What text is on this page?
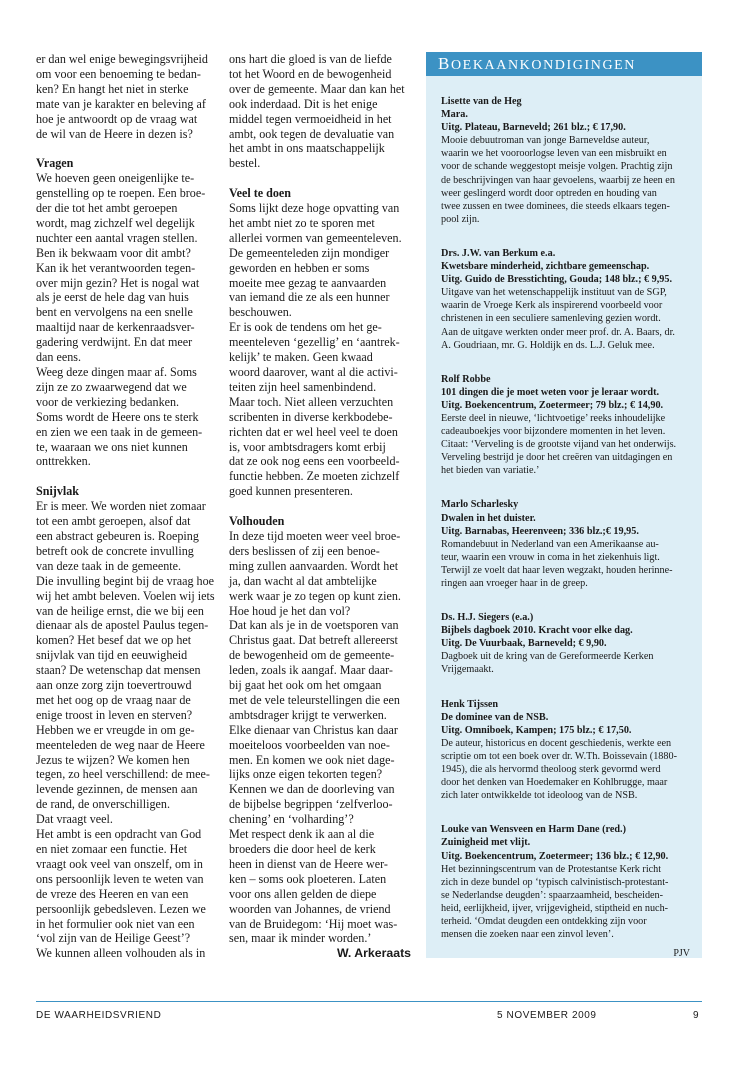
er dan wel enige bewegingsvrijheid
om voor een benoeming te bedan-
ken? En hangt het niet in sterke
mate van je karakter en beleving af
hoe je antwoordt op de vraag wat
de wil van de Heere in dezen is?

Vragen

We hoeven geen oneigenlijke te-
genstelling op te roepen. Een broe-
der die tot het ambt geroepen
wordt, mag zichzelf wel degelijk
nuchter een aantal vragen stellen.
Ben ik bekwaam voor dit ambt?
Kan ik het verantwoorden tegen-
over mijn gezin? Het is nogal wat
als je eerst de hele dag van huis
bent en vervolgens na een snelle
maaltijd naar de kerkenraadsver-
gadering verdwijnt. En dat meer
dan eens.

Weeg deze dingen maar af. Soms
zijn ze zo zwaarwegend dat we
voor de verkiezing bedanken.
Soms wordt de Heere ons te sterk
en zien we een taak in de gemeen-
te, waaraan we ons niet kunnen
onttrekken.

Snijvlak

Er is meer. We worden niet zomaar
tot een ambt geroepen, alsof dat
een abstract gebeuren is. Roeping
betreft ook de concrete invulling
van deze taak in de gemeente.

Die invulling begint bij de vraag hoe
wij het ambt beleven. Voelen wij iets
van de heilige ernst, die we bij een
dienaar als de apostel Paulus tegen-
komen? Het besef dat we op het
snijvlak van tijd en eeuwigheid
staan? De wetenschap dat mensen
aan onze zorg zijn toevertrouwd
met het oog op de vraag naar de
enige troost in leven en sterven?
Hebben we er vreugde in om ge-
meenteleden de weg naar de Heere
Jezus te wijzen? We komen hen
tegen, zo heel verschillend: de mee-
levende gezinnen, de mensen aan
de rand, de onverschilligen.

Dat vraagt veel.

Het ambt is een opdracht van God
en niet zomaar een functie. Het
vraagt ook veel van onszelf, om in
ons persoonlijk leven te weten van
de vreze des Heeren en van een
persoonlijk gebedsleven. Lezen we
in het formulier ook niet van een
‘vol zijn van de Heilige Geest’?
We kunnen alleen volhouden als in

ons hart die gloed is van de liefde
tot het Woord en de bewogenheid
over de gemeente. Maar dan kan het
ook inderdaad. Dit is het enige
middel tegen vermoeidheid in het
ambt, ook tegen de devaluatie van
het ambt in ons maatschappelijk
bestel.

Veel te doen

Soms lijkt deze hoge opvatting van
het ambt niet zo te sporen met
allerlei vormen van gemeenteleven.
De gemeenteleden zijn mondiger
geworden en hebben er soms
moeite mee gezag te aanvaarden
van iemand die ze als een hunner
beschouwen.

Er is ook de tendens om het ge-
meenteleven ‘gezellig’ en ‘aantrek-
kelijk’ te maken. Geen kwaad
woord daarover, want al die activi-
teiten zijn heel samenbindend.
Maar toch. Niet alleen verzuchten
scribenten in diverse kerkbodebe-
richten dat er wel heel veel te doen
is, voor ambtsdragers komt erbij
dat ze ook nog eens een voorbeeld-
functie hebben. Ze moeten zichzelf
goed kunnen presenteren.

Volhouden

In deze tijd moeten weer veel broe-
ders beslissen of zij een benoe-
ming zullen aanvaarden. Wordt het
ja, dan wacht al dat ambtelijke
werk waar je zo tegen op kunt zien.
Hoe houd je het dan vol?

Dat kan als je in de voetsporen van
Christus gaat. Dat betreft allereerst
de bewogenheid om de gemeente-
leden, zoals ik aangaf. Maar daar-
bij gaat het ook om het omgaan
met de vele teleurstellingen die een
ambtsdrager krijgt te verwerken.
Elke dienaar van Christus kan daar
moeiteloos voorbeelden van noe-
men. En komen we ook niet dage-
lijks onze eigen tekorten tegen?
Kennen we dan de doorleving van
de bijbelse begrippen ‘zelfverloo-
chening’ en ‘volharding’?

Met respect denk ik aan al die
broeders die door heel de kerk
heen in dienst van de Heere wer-
ken – soms ook ploeteren. Laten
voor ons allen gelden de diepe
woorden van Johannes, de vriend
van de Bruidegom: ‘Hij moet was-
sen, maar ik minder worden.’

W. Arkeraats
BOEKAANKONDIGINGEN
Lisette van de Heg
Mara.
Uitg. Plateau, Barneveld; 261 blz.; € 17,90.
Mooie debuutroman van jonge Barneveldse auteur,
waarin we het vooroorlogse leven van een misbruikt en
voor de schande weggestopt meisje volgen. Prachtig zijn
de beschrijvingen van haar gevoelens, waarbij ze heen en
weer geslingerd wordt door optreden en houding van
twee zussen en twee dominees, die steeds elkaars tegen-
pool zijn.
Drs. J.W. van Berkum e.a.
Kwetsbare minderheid, zichtbare gemeenschap.
Uitg. Guido de Bresstichting, Gouda; 148 blz.; € 9,95.
Uitgave van het wetenschappelijk instituut van de SGP,
waarin de Vroege Kerk als inspirerend voorbeeld voor
christenen in een seculiere samenleving gezien wordt.
Aan de uitgave werkten onder meer prof. dr. A. Baars, dr.
A. Goudriaan, mr. G. Holdijk en ds. L.J. Geluk mee.
Rolf Robbe
101 dingen die je moet weten voor je leraar wordt.
Uitg. Boekencentrum, Zoetermeer; 79 blz.; € 14,90.
Eerste deel in nieuwe, ‘lichtvoetige’ reeks inhoudelijke
cadeauboekjes voor bijzondere momenten in het leven.
Citaat: ‘Verveling is de grootste vijand van het onderwijs.
Verveling bestrijd je door het creëren van uitdagingen en
het bieden van variatie.’
Marlo Scharlesky
Dwalen in het duister.
Uitg. Barnabas, Heerenveen; 336 blz.;€ 19,95.
Romandebuut in Nederland van een Amerikaanse au-
teur, waarin een vrouw in coma in het ziekenhuis ligt.
Terwijl ze voelt dat haar leven wegzakt, houden herinne-
ringen aan vroeger haar in de greep.
Ds. H.J. Siegers (e.a.)
Bijbels dagboek 2010. Kracht voor elke dag.
Uitg. De Vuurbaak, Barneveld; € 9,90.
Dagboek uit de kring van de Gereformeerde Kerken
Vrijgemaakt.
Henk Tijssen
De dominee van de NSB.
Uitg. Omniboek, Kampen; 175 blz.; € 17,50.
De auteur, historicus en docent geschiedenis, werkte een
scriptie om tot een boek over dr. W.Th. Boissevain (1880-
1945), die als hervormd theoloog sterk gevormd werd
door het denken van Hoedemaker en Kohlbrugge, maar
zich later ontwikkelde tot ideoloog van de NSB.
Louke van Wensveen en Harm Dane (red.)
Zuinigheid met vlijt.
Uitg. Boekencentrum, Zoetermeer; 136 blz.; € 12,90.
Het bezinningscentrum van de Protestantse Kerk richt
zich in deze bundel op ‘typisch calvinistisch-protestant-
se Nederlandse deugden’: spaarzaamheid, bescheiden-
heid, eerlijkheid, ijver, vrijgevigheid, stiptheid en nuch-
terheid. ‘Omdat deugden een ontdekking zijn voor
mensen die zoeken naar een zinvol leven’.
PJV
DE WAARHEIDSVRIEND	5 NOVEMBER 2009	9
